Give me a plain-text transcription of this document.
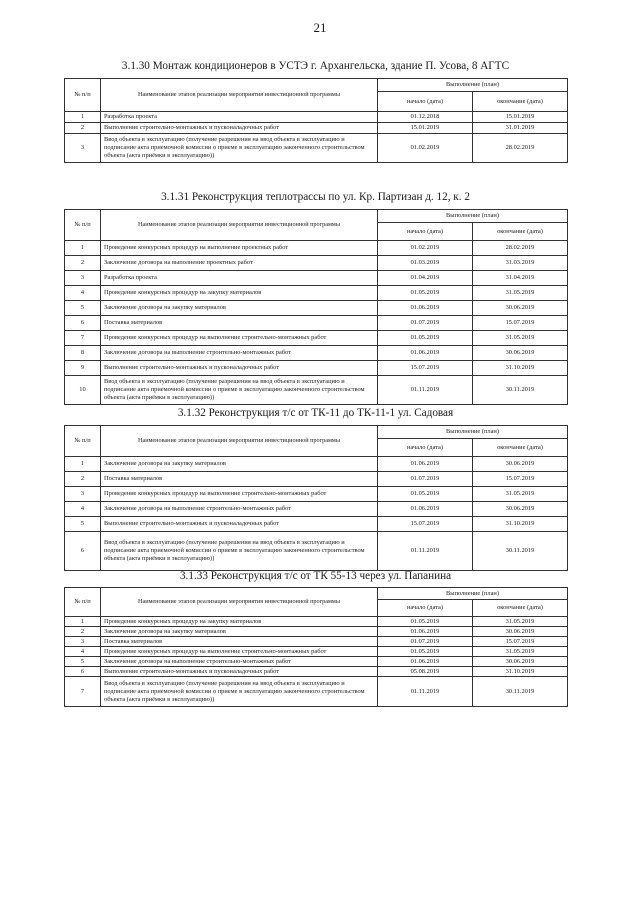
21
3.1.30 Монтаж кондиционеров в УСТЭ г. Архангельска, здание П. Усова, 8 АГТС
№ п/п	Наименование этапов реализации мероприятия инвестиционной программы	Выполнение (план)	
		начало (дата)	окончание (дата)
1	Разработка проекта	01.12.2018	15.01.2019
2	Выполнение строительно-монтажных и пусконаладочных работ	15.01.2019	31.01.2019
3	Ввод объекта в эксплуатацию (получение разрешения на ввод объекта в эксплуатацию и подписание акта приемочной комиссии о приеме в эксплуатацию законченного строительством объекта (акта приёмки в эксплуатацию))	01.02.2019	28.02.2019
3.1.31 Реконструкция теплотрассы по ул. Кр. Партизан д. 12, к. 2
№ п/п	Наименование этапов реализации мероприятия инвестиционной программы	Выполнение (план)	
		начало (дата)	окончание (дата)
1	Проведение конкурсных процедур на выполнение проектных работ	01.02.2019	28.02.2019
2	Заключение договора на выполнение проектных работ	01.03.2019	31.03.2019
3	Разработка проекта	01.04.2019	31.04.2019
4	Проведение конкурсных процедур на закупку материалов	01.05.2019	31.05.2019
5	Заключение договора на закупку материалов	01.06.2019	30.06.2019
6	Поставка материалов	01.07.2019	15.07.2019
7	Проведение конкурсных процедур на выполнение строительно-монтажных работ	01.05.2019	31.05.2019
8	Заключение договора на выполнение строительно-монтажных работ	01.06.2019	30.06.2019
9	Выполнение строительно-монтажных и пусконаладочных работ	15.07.2019	31.10.2019
10	Ввод объекта в эксплуатацию (получение разрешения на ввод объекта в эксплуатацию и подписание акта приемочной комиссии о приеме в эксплуатацию законченного строительством объекта (акта приёмки в эксплуатацию))	01.11.2019	30.11.2019
3.1.32 Реконструкция т/с от ТК-11 до ТК-11-1 ул. Садовая
№ п/п	Наименование этапов реализации мероприятия инвестиционной программы	Выполнение (план)	
		начало (дата)	окончание (дата)
1	Заключение договора на закупку материалов	01.06.2019	30.06.2019
2	Поставка материалов	01.07.2019	15.07.2019
3	Проведение конкурсных процедур на выполнение строительно-монтажных работ	01.05.2019	31.05.2019
4	Заключение договора на выполнение строительно-монтажных работ	01.06.2019	30.06.2019
5	Выполнение строительно-монтажных и пусконаладочных работ	15.07.2019	31.10.2019
6	Ввод объекта в эксплуатацию (получение разрешения на ввод объекта в эксплуатацию и подписание акта приемочной комиссии о приеме в эксплуатацию законченного строительством объекта (акта приёмки в эксплуатацию))	01.11.2019	30.11.2019
3.1.33 Реконструкция т/с от ТК 55-13 через ул. Папанина
№ п/п	Наименование этапов реализации мероприятия инвестиционной программы	Выполнение (план)	
		начало (дата)	окончание (дата)
1	Проведение конкурсных процедур на закупку материалов	01.05.2019	31.05.2019
2	Заключение договора на закупку материалов	01.06.2019	30.06.2019
3	Поставка материалов	01.07.2019	15.07.2019
4	Проведение конкурсных процедур на выполнение строительно-монтажных работ	01.05.2019	31.05.2019
5	Заключение договора на выполнение строительно-монтажных работ	01.06.2019	30.06.2019
6	Выполнение строительно-монтажных и пусконаладочных работ	05.08.2019	31.10.2019
7	Ввод объекта в эксплуатацию (получение разрешения на ввод объекта в эксплуатацию и подписание акта приемочной комиссии о приеме в эксплуатацию законченного строительством объекта (акта приёмки в эксплуатацию))	01.11.2019	30.11.2019
